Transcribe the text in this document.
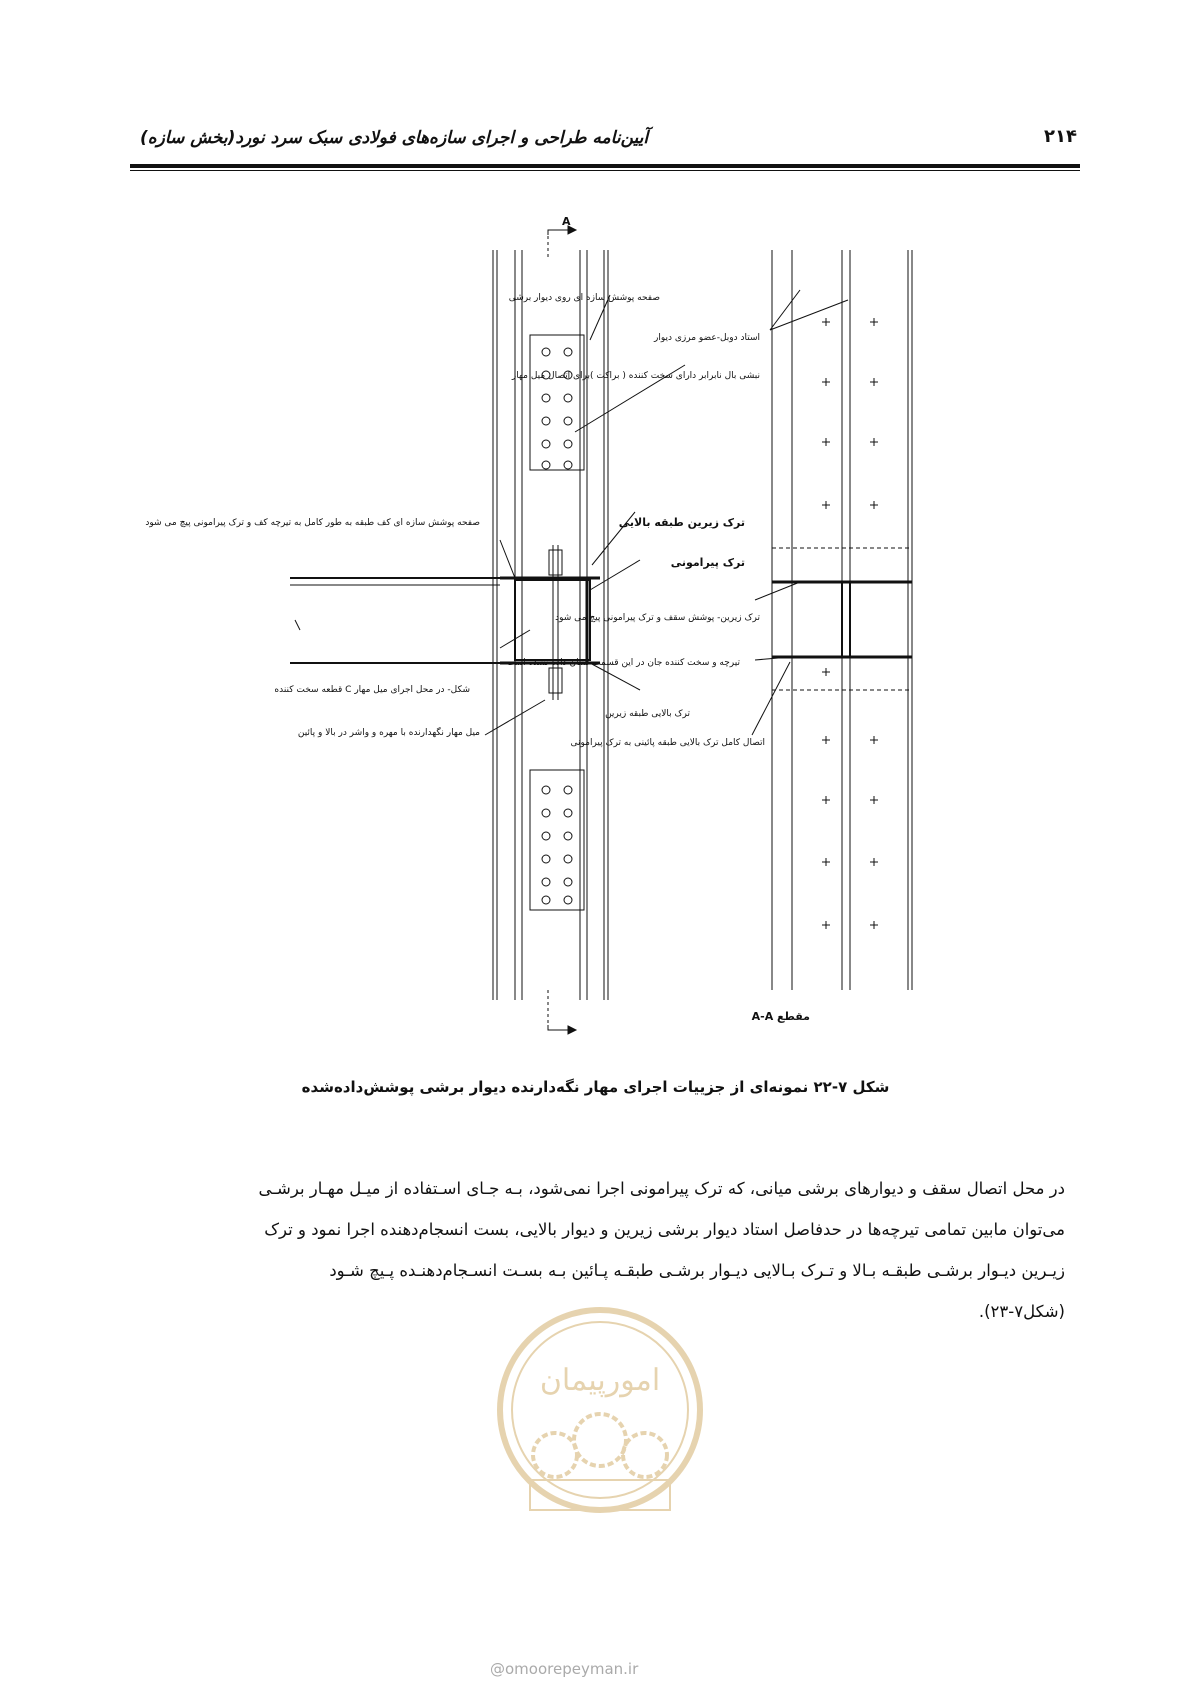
آیین‌نامه طراحی و اجرای سازه‌های فولادی سبک سرد نورد(بخش سازه)	۲۱۴
A
مقطع A-A
صفحه پوشش سازه ای روی دیوار برشی
استاد دوبل-عضو مرزی دیوار
نبشی بال نابرابر دارای سخت کننده ( براکت )برای اتصال میل مهار
ترک زیرین طبقه بالایی
ترک پیرامونی
صفحه پوشش سازه ای کف طبقه به طور کامل به تیرچه کف و ترک پیرامونی پیچ می شود
ترک زیرین- پوشش سقف و ترک پیرامونی پیچ می شود
تیرچه و سخت کننده جان در این قسمت نشان داده نشده است
قطعه سخت کننده C شکل- در محل اجرای میل مهار
ترک بالایی طبقه زیرین
میل مهار نگهدارنده با مهره و واشر در بالا و پائین
اتصال کامل ترک بالایی طبقه پائینی به ترک پیرامونی
شکل ۷-۲۲ نمونه‌ای از جزییات اجرای مهار نگه‌دارنده دیوار برشی پوشش‌داده‌شده

در محل اتصال سقف و دیوارهای برشی میانی، که ترک پیرامونی اجرا نمی‌شود، بـه جـای اسـتفاده از میـل مهـار برشـی

می‌توان مابین تمامی تیرچه‌ها در حدفاصل استاد دیوار برشی زیرین و دیوار بالایی، بست انسجام‌دهنده اجرا نمود و ترک

زیـرین دیـوار برشـی طبقـه بـالا و تـرک بـالایی دیـوار برشـی طبقـه پـائین بـه بسـت انسـجام‌دهنـده پـیچ شـود

(شکل۷-۲۳).

امورپیمان
@omoorepeyman.ir
